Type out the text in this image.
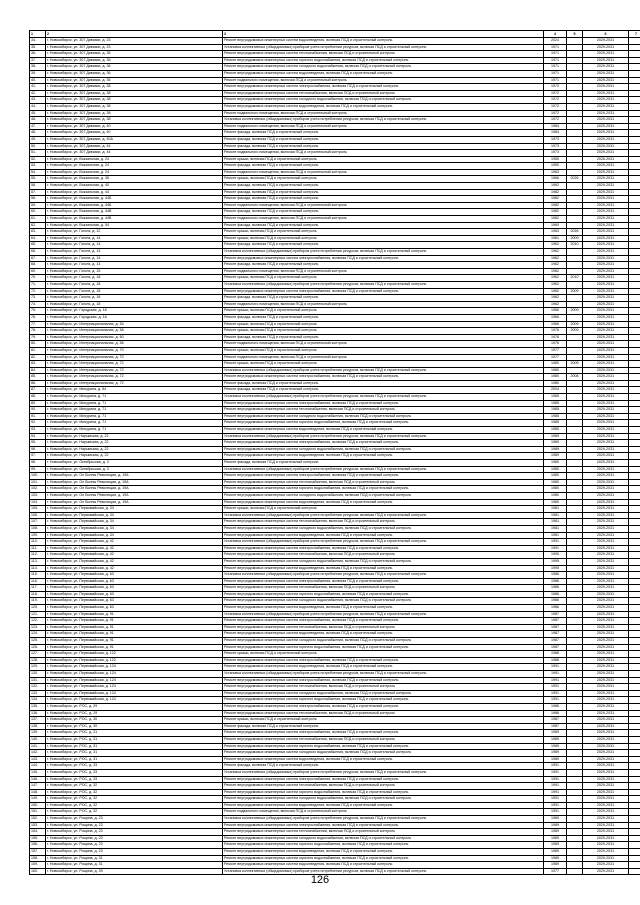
1	2	3	4	5	6	7
34.	г. Новосибирск, ул. 307 Дивизии, д. 23	Ремонт внутридомовых инженерных систем водоотведения, включая ПСД и строительный контроль	2024		2029-2031	
35.	г. Новосибирск, ул. 307 Дивизии, д. 23	Установка коллективных (общедомовых) приборов учета потребления ресурсов, включая ПСД и строительный контроль	1971		2029-2031	
36.	г. Новосибирск, ул. 307 Дивизии, д. 36	Ремонт внутридомовых инженерных систем теплоснабжения, включая ПСД и строительный контроль	1971		2029-2031	
37.	г. Новосибирск, ул. 307 Дивизии, д. 36	Ремонт внутридомовых инженерных систем горячего водоснабжения, включая ПСД и строительный контроль	1971		2029-2031	
38.	г. Новосибирск, ул. 307 Дивизии, д. 36	Ремонт внутридомовых инженерных систем холодного водоснабжения, включая ПСД и строительный контроль	1971		2029-2031	
39.	г. Новосибирск, ул. 307 Дивизии, д. 36	Ремонт внутридомовых инженерных систем водоотведения, включая ПСД и строительный контроль	1971		2029-2031	
40.	г. Новосибирск, ул. 307 Дивизии, д. 36	Ремонт подвального помещения, включая ПСД и строительный контроль	1971		2029-2031	
41.	г. Новосибирск, ул. 307 Дивизии, д. 38	Ремонт внутридомовых инженерных систем электроснабжения, включая ПСД и строительный контроль	1972		2029-2031	
42.	г. Новосибирск, ул. 307 Дивизии, д. 38	Ремонт внутридомовых инженерных систем теплоснабжения, включая ПСД и строительный контроль	1972		2029-2031	
43.	г. Новосибирск, ул. 307 Дивизии, д. 38	Ремонт внутридомовых инженерных систем холодного водоснабжения, включая ПСД и строительный контроль	1972		2029-2031	
44.	г. Новосибирск, ул. 307 Дивизии, д. 38	Ремонт внутридомовых инженерных систем водоотведения, включая ПСД и строительный контроль	1972		2029-2031	
45.	г. Новосибирск, ул. 307 Дивизии, д. 38	Ремонт подвального помещения, включая ПСД и строительный контроль	1972		2029-2031	
46.	г. Новосибирск, ул. 307 Дивизии, д. 38	Установка коллективных (общедомовых) приборов учета потребления ресурсов, включая ПСД и строительный контроль	1972		2029-2031	
47.	г. Новосибирск, ул. 307 Дивизии, д. 40	Ремонт подвального помещения, включая ПСД и строительный контроль	1984		2029-2031	
48.	г. Новосибирск, ул. 307 Дивизии, д. 40	Ремонт фасада, включая ПСД и строительный контроль	1984		2029-2031	
49.	г. Новосибирск, ул. 307 Дивизии, д. 40А	Ремонт фасада, включая ПСД и строительный контроль	1973		2029-2031	
50.	г. Новосибирск, ул. 307 Дивизии, д. 44	Ремонт фасада, включая ПСД и строительный контроль	1973		2029-2031	
51.	г. Новосибирск, ул. 307 Дивизии, д. 44	Ремонт подвального помещения, включая ПСД и строительный контроль	1973		2029-2031	
52.	г. Новосибирск, ул. Вокзальная, д. 24	Ремонт крыши, включая ПСД и строительный контроль	1950		2026-2031	
53.	г. Новосибирск, ул. Вокзальная, д. 24	Ремонт фасада, включая ПСД и строительный контроль	1950		2029-2031	
54.	г. Новосибирск, ул. Вокзальная, д. 24	Ремонт подвального помещения, включая ПСД и строительный контроль	1963		2029-2031	
55.	г. Новосибирск, ул. Вокзальная, д. 36	Ремонт крыши, включая ПСД и строительный контроль	1966	2026	2029-2031	
56.	г. Новосибирск, ул. Вокзальная, д. 40	Ремонт фасада, включая ПСД и строительный контроль	1962		2029-2031	
57.	г. Новосибирск, ул. Вокзальная, д. 44	Ремонт фасада, включая ПСД и строительный контроль	1982		2029-2031	
58.	г. Новосибирск, ул. Вокзальная, д. 44Б	Ремонт фасада, включая ПСД и строительный контроль	1982		2029-2031	
59.	г. Новосибирск, ул. Вокзальная, д. 44Б	Ремонт подвального помещения, включая ПСД и строительный контроль	1982		2029-2031	
60.	г. Новосибирск, ул. Вокзальная, д. 44В	Ремонт фасада, включая ПСД и строительный контроль	1982		2029-2031	
61.	г. Новосибирск, ул. Вокзальная, д. 44В	Ремонт подвального помещения, включая ПСД и строительный контроль	1982		2029-2031	
62.	г. Новосибирск, ул. Вокзальная, д. 54	Ремонт фасада, включая ПСД и строительный контроль	1960		2029-2031	
63.	г. Новосибирск, ул. Гоголя, д. 12	Ремонт крыши, включая ПСД и строительный контроль	1963	2026	2029-2031	
64.	г. Новосибирск, ул. Гоголя, д. 14	Ремонт крыши, включая ПСД и строительный контроль	1961	2009	2029-2031	
65.	г. Новосибирск, ул. Гоголя, д. 14	Ремонт фасада, включая ПСД и строительный контроль	1962	2010	2029-2031	
66.	г. Новосибирск, ул. Гоголя, д. 14	Установка коллективных (общедомовых) приборов учета потребления ресурсов, включая ПСД и строительный контроль	1962		2029-2031	
67.	г. Новосибирск, ул. Гоголя, д. 14	Ремонт внутридомовых инженерных систем электроснабжения, включая ПСД и строительный контроль	1962		2029-2031	
68.	г. Новосибирск, ул. Гоголя, д. 14	Ремонт фасада, включая ПСД и строительный контроль	1962		2029-2031	
69.	г. Новосибирск, ул. Гоголя, д. 15	Ремонт подвального помещения, включая ПСД и строительный контроль	1962		2029-2031	
70.	г. Новосибирск, ул. Гоголя, д. 18	Ремонт крыши, включая ПСД и строительный контроль	1962	2010	2029-2031	
71.	г. Новосибирск, ул. Гоголя, д. 18	Установка коллективных (общедомовых) приборов учета потребления ресурсов, включая ПСД и строительный контроль	1962		2029-2031	
72.	г. Новосибирск, ул. Гоголя, д. 18	Ремонт внутридомовых инженерных систем электроснабжения, включая ПСД и строительный контроль	1962	2009	2029-2031	
73.	г. Новосибирск, ул. Гоголя, д. 18	Ремонт фасада, включая ПСД и строительный контроль	1962		2029-2031	
74.	г. Новосибирск, ул. Гоголя, д. 18	Ремонт подвального помещения, включая ПСД и строительный контроль	1962		2029-2031	
75.	г. Новосибирск, ул. Городская, д. 18	Ремонт крыши, включая ПСД и строительный контроль	1966	2009	2029-2031	
76.	г. Новосибирск, ул. Городская, д. 18	Ремонт фасада, включая ПСД и строительный контроль	1966		2029-2031	
77.	г. Новосибирск, ул. Интернациональная, д. 54	Ремонт крыши, включая ПСД и строительный контроль	1966	2009	2029-2031	
78.	г. Новосибирск, ул. Интернациональная, д. 58	Ремонт крыши, включая ПСД и строительный контроль	1976	2009	2029-2031	
79.	г. Новосибирск, ул. Интернациональная, д. 60	Ремонт фасада, включая ПСД и строительный контроль	1976		2029-2031	
80.	г. Новосибирск, ул. Интернациональная, д. 58	Ремонт подвального помещения, включая ПСД и строительный контроль	1976		2029-2031	
81.	г. Новосибирск, ул. Интернациональная, д. 70	Ремонт крыши, включая ПСД и строительный контроль	1977		2029-2031	
82.	г. Новосибирск, ул. Интернациональная, д. 70	Ремонт подвального помещения, включая ПСД и строительный контроль	1977		2029-2031	
83.	г. Новосибирск, ул. Интернациональная, д. 72	Ремонт крыши, включая ПСД и строительный контроль	1980	2009	2029-2031	
84.	г. Новосибирск, ул. Интернациональная, д. 72	Установка коллективных (общедомовых) приборов учета потребления ресурсов, включая ПСД и строительный контроль	1980		2029-2031	
85.	г. Новосибирск, ул. Интернациональная, д. 72	Ремонт внутридомовых инженерных систем электроснабжения, включая ПСД и строительный контроль	1980	2008	2029-2031	
86.	г. Новосибирск, ул. Интернациональная, д. 72	Ремонт фасада, включая ПСД и строительный контроль	1980		2029-2031	
87.	г. Новосибирск, ул. Мичурина, д. 54	Ремонт фасада, включая ПСД и строительный контроль	2004		2029-2031	
88.	г. Новосибирск, ул. Мичурина, д. 71	Установка коллективных (общедомовых) приборов учета потребления ресурсов, включая ПСД и строительный контроль	1985		2029-2031	
89.	г. Новосибирск, ул. Мичурина, д. 71	Ремонт внутридомовых инженерных систем электроснабжения, включая ПСД и строительный контроль	1985		2029-2031	
90.	г. Новосибирск, ул. Мичурина, д. 71	Ремонт внутридомовых инженерных систем теплоснабжения, включая ПСД и строительный контроль	1985		2029-2031	
91.	г. Новосибирск, ул. Мичурина, д. 71	Ремонт внутридомовых инженерных систем холодного водоснабжения, включая ПСД и строительный контроль	1985		2029-2031	
92.	г. Новосибирск, ул. Мичурина, д. 71	Ремонт внутридомовых инженерных систем горячего водоснабжения, включая ПСД и строительный контроль	1985		2029-2031	
93.	г. Новосибирск, ул. Мичурина, д. 71	Ремонт внутридомовых инженерных систем водоотведения, включая ПСД и строительный контроль	1985		2029-2031	
94.	г. Новосибирск, ул. Нарымская, д. 22	Установка коллективных (общедомовых) приборов учета потребления ресурсов, включая ПСД и строительный контроль	1989		2029-2031	
95.	г. Новосибирск, ул. Нарымская, д. 22	Ремонт внутридомовых инженерных систем электроснабжения, включая ПСД и строительный контроль	1989		2029-2031	
96.	г. Новосибирск, ул. Нарымская, д. 22	Ремонт внутридомовых инженерных систем холодного водоснабжения, включая ПСД и строительный контроль	1989		2029-2031	
97.	г. Новосибирск, ул. Нарымская, д. 22	Ремонт внутридомовых инженерных систем водоотведения, включая ПСД и строительный контроль	1989		2029-2031	
98.	г. Новосибирск, ул. Октябрьская, д. 3	Ремонт фасада, включая ПСД и строительный контроль	1980		2029-2031	
99.	г. Новосибирск, ул. Октябрьская, д. 3	Установка коллективных (общедомовых) приборов учета потребления ресурсов, включая ПСД и строительный контроль	1980		2029-2031	
100.	г. Новосибирск, ул. Ол Волны Революции, д. 19А	Ремонт внутридомовых инженерных систем электроснабжения, включая ПСД и строительный контроль	1980		2029-2031	
101.	г. Новосибирск, ул. Ол Волны Революции, д. 19А	Ремонт внутридомовых инженерных систем теплоснабжения, включая ПСД и строительный контроль	1980		2029-2031	
102.	г. Новосибирск, ул. Ол Волны Революции, д. 19А	Ремонт внутридомовых инженерных систем горячего водоснабжения, включая ПСД и строительный контроль	1980		2029-2031	
103.	г. Новосибирск, ул. Ол Волны Революции, д. 19А	Ремонт внутридомовых инженерных систем холодного водоснабжения, включая ПСД и строительный контроль	1980		2029-2031	
104.	г. Новосибирск, ул. Ол Волны Революции, д. 19А	Ремонт внутридомовых инженерных систем водоотведения, включая ПСД и строительный контроль	1980		2029-2031	
105.	г. Новосибирск, ул. Первомайская, д. 34	Ремонт крыши, включая ПСД и строительный контроль	1981		2029-2031	
106.	г. Новосибирск, ул. Первомайская, д. 34	Установка коллективных (общедомовых) приборов учета потребления ресурсов, включая ПСД и строительный контроль	1981		2029-2031	
107.	г. Новосибирск, ул. Первомайская, д. 34	Ремонт внутридомовых инженерных систем теплоснабжения, включая ПСД и строительный контроль	1981		2029-2031	
108.	г. Новосибирск, ул. Первомайская, д. 34	Ремонт внутридомовых инженерных систем холодного водоснабжения, включая ПСД и строительный контроль	1981		2029-2031	
109.	г. Новосибирск, ул. Первомайская, д. 34	Ремонт внутридомовых инженерных систем водоотведения, включая ПСД и строительный контроль	1981		2029-2031	
110.	г. Новосибирск, ул. Первомайская, д. 42	Установка коллективных (общедомовых) приборов учета потребления ресурсов, включая ПСД и строительный контроль	1991		2029-2031	
111.	г. Новосибирск, ул. Первомайская, д. 42	Ремонт внутридомовых инженерных систем электроснабжения, включая ПСД и строительный контроль	1991		2029-2031	
112.	г. Новосибирск, ул. Первомайская, д. 42	Ремонт внутридомовых инженерных систем теплоснабжения, включая ПСД и строительный контроль	1995		2029-2031	
113.	г. Новосибирск, ул. Первомайская, д. 42	Ремонт внутридомовых инженерных систем холодного водоснабжения, включая ПСД и строительный контроль	1995		2029-2031	
114.	г. Новосибирск, ул. Первомайская, д. 42	Ремонт внутридомовых инженерных систем водоотведения, включая ПСД и строительный контроль	1995		2029-2031	
115.	г. Новосибирск, ул. Первомайская, д. 63	Установка коллективных (общедомовых) приборов учета потребления ресурсов, включая ПСД и строительный контроль	1986		2029-2031	
116.	г. Новосибирск, ул. Первомайская, д. 63	Ремонт внутридомовых инженерных систем электроснабжения, включая ПСД и строительный контроль	1986		2029-2031	
117.	г. Новосибирск, ул. Первомайская, д. 63	Ремонт внутридомовых инженерных систем теплоснабжения, включая ПСД и строительный контроль	1986		2029-2031	
118.	г. Новосибирск, ул. Первомайская, д. 63	Ремонт внутридомовых инженерных систем горячего водоснабжения, включая ПСД и строительный контроль	1986		2029-2031	
119.	г. Новосибирск, ул. Первомайская, д. 63	Ремонт внутридомовых инженерных систем холодного водоснабжения, включая ПСД и строительный контроль	1986		2029-2031	
120.	г. Новосибирск, ул. Первомайская, д. 63	Ремонт внутридомовых инженерных систем водоотведения, включая ПСД и строительный контроль	1986		2029-2031	
121.	г. Новосибирск, ул. Первомайская, д. 91	Установка коллективных (общедомовых) приборов учета потребления ресурсов, включая ПСД и строительный контроль	1987		2029-2031	
122.	г. Новосибирск, ул. Первомайская, д. 91	Ремонт внутридомовых инженерных систем электроснабжения, включая ПСД и строительный контроль	1987		2029-2031	
123.	г. Новосибирск, ул. Первомайская, д. 91	Ремонт внутридомовых инженерных систем теплоснабжения, включая ПСД и строительный контроль	1987		2029-2031	
124.	г. Новосибирск, ул. Первомайская, д. 91	Ремонт внутридомовых инженерных систем водоотведения, включая ПСД и строительный контроль	1987		2029-2031	
125.	г. Новосибирск, ул. Первомайская, д. 91	Ремонт внутридомовых инженерных систем холодного водоснабжения, включая ПСД и строительный контроль	1987		2029-2031	
126.	г. Новосибирск, ул. Первомайская, д. 91	Ремонт внутридомовых инженерных систем горячего водоснабжения, включая ПСД и строительный контроль	1987		2029-2031	
127.	г. Новосибирск, ул. Первомайская, д. 122	Ремонт крыши, включая ПСД и строительный контроль	1988		2029-2031	
128.	г. Новосибирск, ул. Первомайская, д. 122	Ремонт внутридомовых инженерных систем электроснабжения, включая ПСД и строительный контроль	1988		2029-2031	
129.	г. Новосибирск, ул. Первомайская, д. 124	Ремонт внутридомовых инженерных систем водоотведения, включая ПСД и строительный контроль	1991		2029-2031	
130.	г. Новосибирск, ул. Первомайская, д. 124	Установка коллективных (общедомовых) приборов учета потребления ресурсов, включая ПСД и строительный контроль	1991		2029-2031	
131.	г. Новосибирск, ул. Первомайская, д. 124	Ремонт внутридомовых инженерных систем электроснабжения, включая ПСД и строительный контроль	1991		2029-2031	
132.	г. Новосибирск, ул. Первомайская, д. 124	Ремонт внутридомовых инженерных систем теплоснабжения, включая ПСД и строительный контроль	1991		2029-2031	
133.	г. Новосибирск, ул. Первомайская, д. 124	Ремонт внутридомовых инженерных систем холодного водоснабжения, включая ПСД и строительный контроль	1991		2029-2031	
134.	г. Новосибирск, ул. Первомайская, д. 124	Ремонт внутридомовых инженерных систем горячего водоснабжения, включая ПСД и строительный контроль	1991		2029-2031	
135.	г. Новосибирск, ул. РОС, д. 29	Ремонт внутридомовых инженерных систем электроснабжения, включая ПСД и строительный контроль	1986		2029-2031	
136.	г. Новосибирск, ул. РОС, д. 29	Ремонт внутридомовых инженерных систем теплоснабжения, включая ПСД и строительный контроль	1986		2029-2031	
137.	г. Новосибирск, ул. РОС, д. 30	Ремонт крыши, включая ПСД и строительный контроль	1987		2029-2031	
138.	г. Новосибирск, ул. РОС, д. 30	Ремонт фасада, включая ПСД и строительный контроль	1987		2029-2031	
139.	г. Новосибирск, ул. РОС, д. 31	Ремонт внутридомовых инженерных систем электроснабжения, включая ПСД и строительный контроль	1989		2029-2031	
140.	г. Новосибирск, ул. РОС, д. 31	Ремонт внутридомовых инженерных систем теплоснабжения, включая ПСД и строительный контроль	1989		2029-2031	
141.	г. Новосибирск, ул. РОС, д. 31	Ремонт внутридомовых инженерных систем горячего водоснабжения, включая ПСД и строительный контроль	1989		2029-2031	
142.	г. Новосибирск, ул. РОС, д. 31	Ремонт внутридомовых инженерных систем холодного водоснабжения, включая ПСД и строительный контроль	1989		2029-2031	
143.	г. Новосибирск, ул. РОС, д. 31	Ремонт внутридомовых инженерных систем водоотведения, включая ПСД и строительный контроль	1989		2029-2031	
144.	г. Новосибирск, ул. РОС, д. 33	Ремонт фасада, включая ПСД и строительный контроль	1991		2029-2031	
145.	г. Новосибирск, ул. РОС, д. 33	Установка коллективных (общедомовых) приборов учета потребления ресурсов, включая ПСД и строительный контроль	1991		2029-2031	
146.	г. Новосибирск, ул. РОС, д. 33	Ремонт внутридомовых инженерных систем электроснабжения, включая ПСД и строительный контроль	1991		2029-2031	
147.	г. Новосибирск, ул. РОС, д. 32	Ремонт внутридомовых инженерных систем теплоснабжения, включая ПСД и строительный контроль	1991		2029-2031	
148.	г. Новосибирск, ул. РОС, д. 32	Ремонт внутридомовых инженерных систем горячего водоснабжения, включая ПСД и строительный контроль	1991		2029-2031	
149.	г. Новосибирск, ул. РОС, д. 32	Ремонт внутридомовых инженерных систем холодного водоснабжения, включая ПСД и строительный контроль	1991		2029-2031	
150.	г. Новосибирск, ул. РОС, д. 32	Ремонт внутридомовых инженерных систем водоотведения, включая ПСД и строительный контроль	1991		2029-2031	
151.	г. Новосибирск, ул. РОС, д. 32	Ремонт подвального помещения, включая ПСД и строительный контроль	1991		2029-2031	
152.	г. Новосибирск, ул. Рощина, д. 23	Установка коллективных (общедомовых) приборов учета потребления ресурсов, включая ПСД и строительный контроль	1989		2029-2031	
153.	г. Новосибирск, ул. Рощина, д. 23	Ремонт внутридомовых инженерных систем электроснабжения, включая ПСД и строительный контроль	1989		2029-2031	
154.	г. Новосибирск, ул. Рощина, д. 23	Ремонт внутридомовых инженерных систем теплоснабжения, включая ПСД и строительный контроль	1989		2029-2031	
155.	г. Новосибирск, ул. Рощина, д. 23	Ремонт внутридомовых инженерных систем холодного водоснабжения, включая ПСД и строительный контроль	1989		2029-2031	
156.	г. Новосибирск, ул. Рощина, д. 23	Ремонт внутридомовых инженерных систем горячего водоснабжения, включая ПСД и строительный контроль	1989		2029-2031	
157.	г. Новосибирск, ул. Рощина, д. 23	Ремонт внутридомовых инженерных систем водоотведения, включая ПСД и строительный контроль	1989		2029-2031	
158.	г. Новосибирск, ул. Рощина, д. 31	Ремонт внутридомовых инженерных систем горячего водоснабжения, включая ПСД и строительный контроль	1989		2029-2031	
159.	г. Новосибирск, ул. Рощина, д. 31	Ремонт внутридомовых инженерных систем водоотведения, включая ПСД и строительный контроль	1989		2029-2031	
160.	г. Новосибирск, ул. Рощина, д. 39	Установка коллективных (общедомовых) приборов учета потребления ресурсов, включая ПСД и строительный контроль	1977		2029-2031	
126
